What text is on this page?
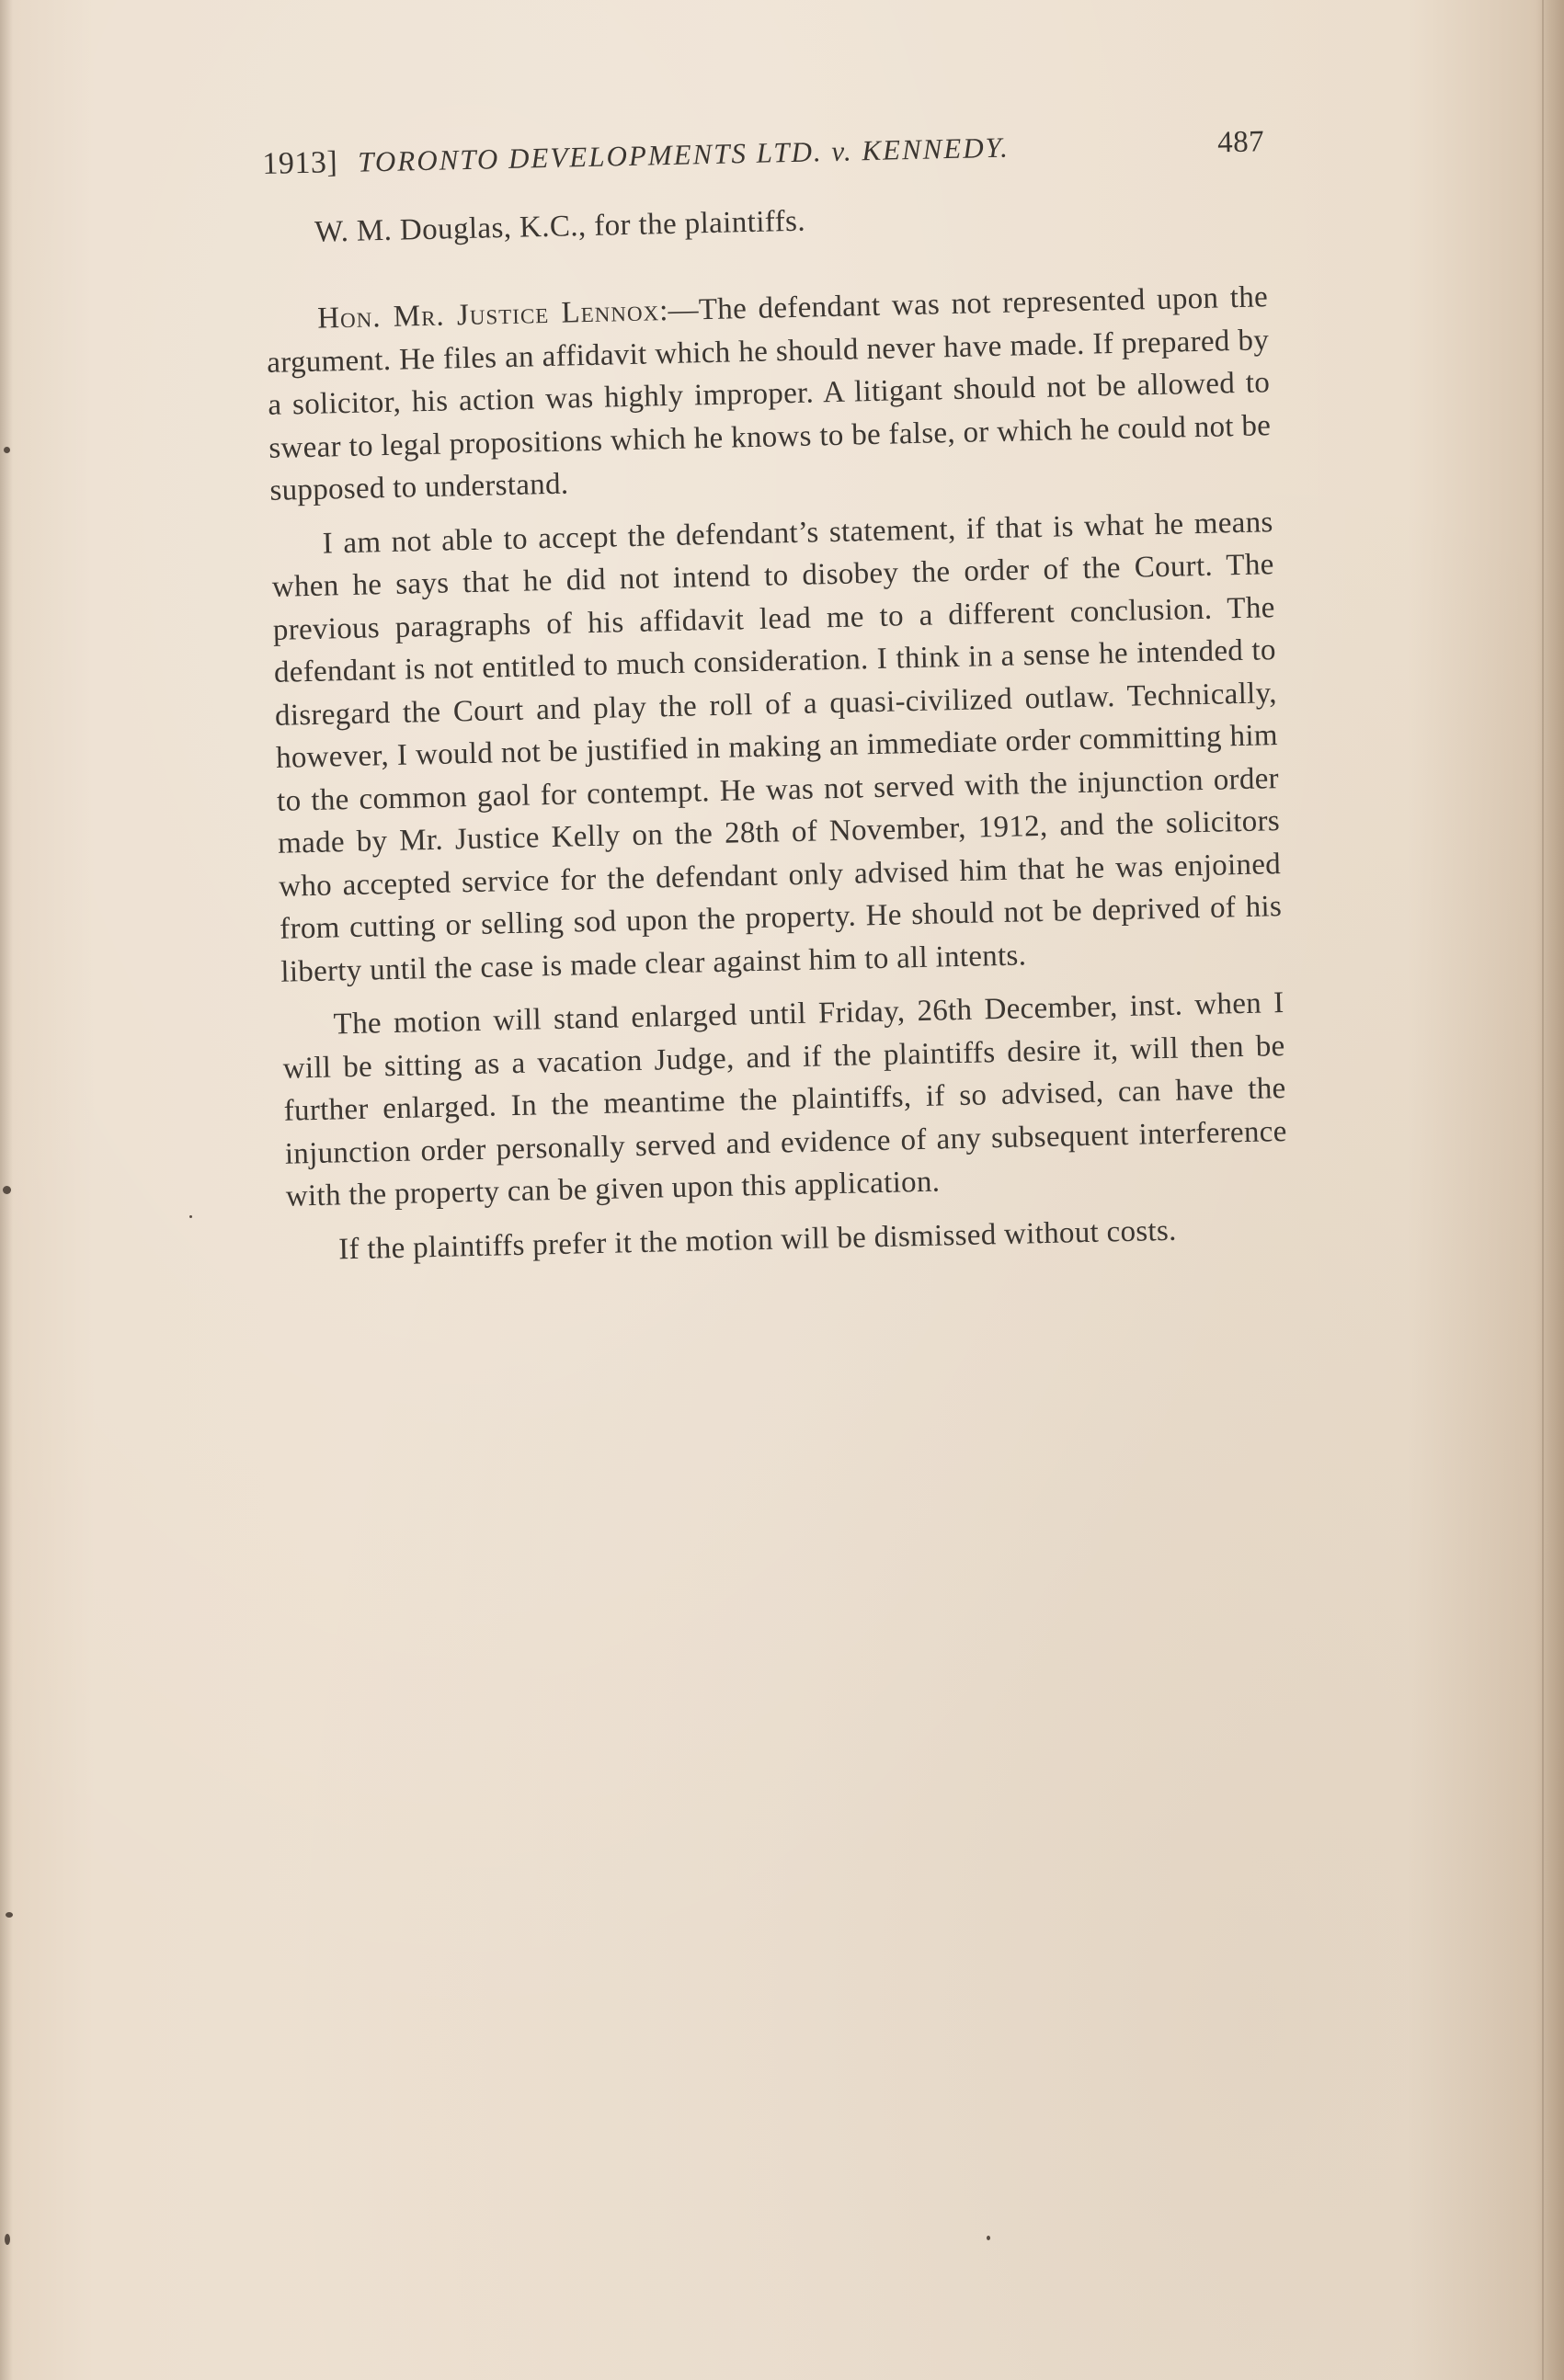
1913] TORONTO DEVELOPMENTS LTD. v. KENNEDY.	487
W. M. Douglas, K.C., for the plaintiffs.

Hon. Mr. Justice Lennox:—The defendant was not represented upon the argument. He files an affidavit which he should never have made. If prepared by a solicitor, his action was highly improper. A litigant should not be allowed to swear to legal propositions which he knows to be false, or which he could not be supposed to understand.

I am not able to accept the defendant’s statement, if that is what he means when he says that he did not intend to disobey the order of the Court. The previous paragraphs of his affidavit lead me to a different conclusion. The defendant is not entitled to much consideration. I think in a sense he intended to disregard the Court and play the roll of a quasi-civilized outlaw. Technically, however, I would not be justified in making an immediate order committing him to the common gaol for contempt. He was not served with the injunction order made by Mr. Justice Kelly on the 28th of November, 1912, and the solicitors who accepted service for the defendant only advised him that he was enjoined from cutting or selling sod upon the property. He should not be deprived of his liberty until the case is made clear against him to all intents.

The motion will stand enlarged until Friday, 26th December, inst. when I will be sitting as a vacation Judge, and if the plaintiffs desire it, will then be further enlarged. In the meantime the plaintiffs, if so advised, can have the injunction order personally served and evidence of any subsequent interference with the property can be given upon this application.

If the plaintiffs prefer it the motion will be dismissed without costs.
